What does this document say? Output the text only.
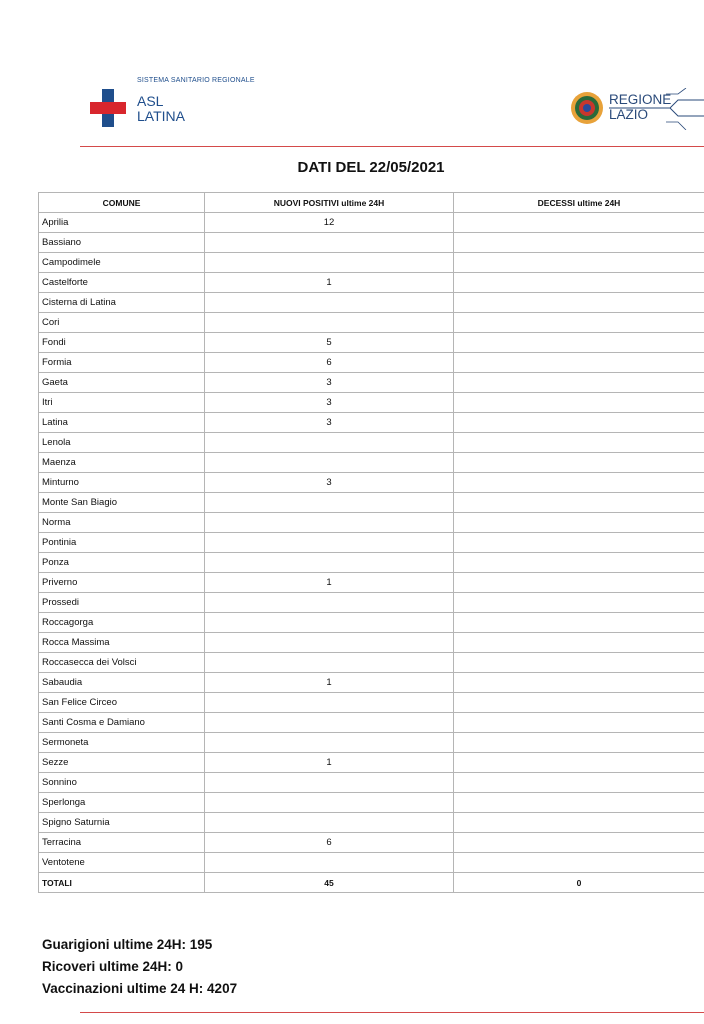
SISTEMA SANITARIO REGIONALE
ASL
LATINA
REGIONE
LAZIO
DATI DEL 22/05/2021
COMUNE	NUOVI POSITIVI ultime 24H	DECESSI ultime 24H
Aprilia	12	
Bassiano		
Campodimele		
Castelforte	1	
Cisterna di Latina		
Cori		
Fondi	5	
Formia	6	
Gaeta	3	
Itri	3	
Latina	3	
Lenola		
Maenza		
Minturno	3	
Monte San Biagio		
Norma		
Pontinia		
Ponza		
Priverno	1	
Prossedi		
Roccagorga		
Rocca Massima		
Roccasecca dei Volsci		
Sabaudia	1	
San Felice Circeo		
Santi Cosma e Damiano		
Sermoneta		
Sezze	1	
Sonnino		
Sperlonga		
Spigno Saturnia		
Terracina	6	
Ventotene		
TOTALI	45	0
Guarigioni ultime 24H: 195
Ricoveri ultime 24H: 0
Vaccinazioni ultime 24 H: 4207
